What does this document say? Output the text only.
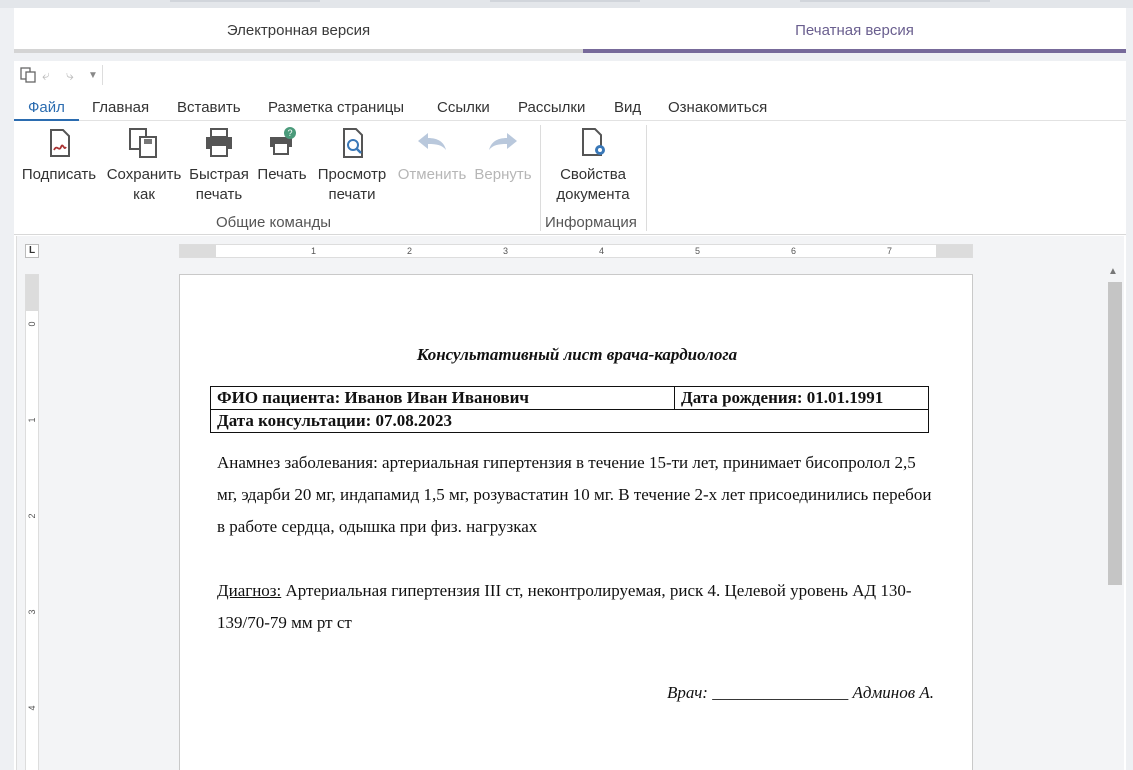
Электронная версия	Печатная версия
⤶ ⤷ ▼
Файл	Главная Вставить Разметка страницы Ссылки Рассылки Вид Ознакомиться
Подписать Сохранить
как
Быстрая
печать
?
Печать Просмотр
печати
Отменить Вернуть	Свойства
документа
Общие команды	Информация
L	1	2	3	4	5	6	7
0
1
2
3
4
Консультативный лист врача-кардиолога
ФИО пациента: Иванов Иван Иванович	Дата рождения: 01.01.1991
Дата консультации: 07.08.2023
Анамнез заболевания: артериальная гипертензия в течение 15-ти лет, принимает бисопролол 2,5 мг, эдарби 20 мг, индапамид 1,5 мг, розувастатин 10 мг. В течение 2-х лет присоединились перебои в работе сердца, одышка при физ. нагрузках
Диагноз: Артериальная гипертензия III ст, неконтролируемая, риск 4. Целевой уровень АД 130-139/70-79 мм рт ст
Врач: ________________ Админов А.
▲
